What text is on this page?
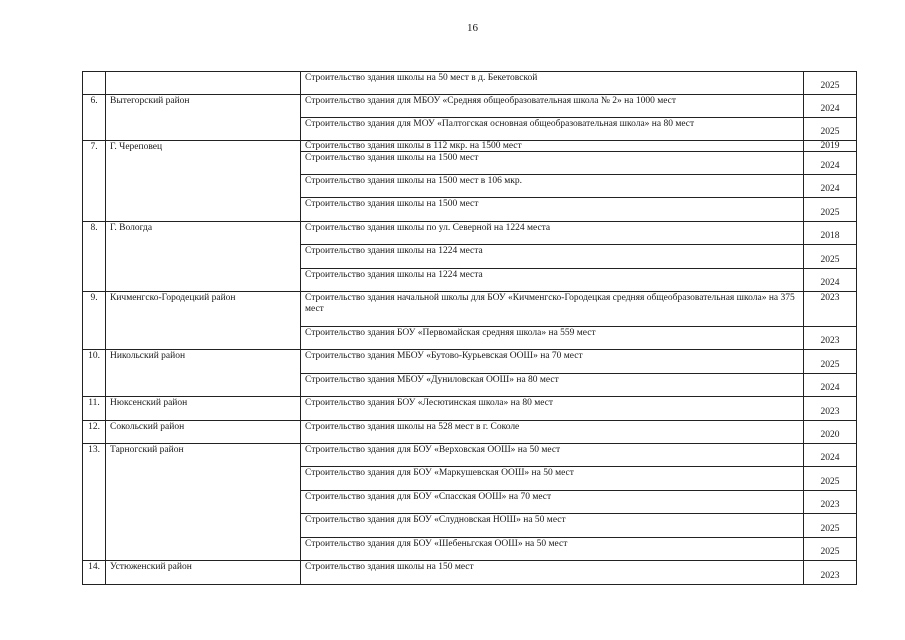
16
		Строительство здания школы на 50 мест в д. Бекетовской	2025
6.	Вытегорский район	Строительство здания для МБОУ «Средняя общеобразовательная школа № 2» на 1000 мест	2024
		Строительство здания для МОУ «Палтогская основная общеобразовательная школа» на 80 мест	2025
7.	Г. Череповец	Строительство здания школы в 112 мкр. на 1500 мест	2019
		Строительство здания школы на 1500 мест	2024
		Строительство здания школы на 1500 мест в 106 мкр.	2024
		Строительство здания школы на 1500 мест	2025
8.	Г. Вологда	Строительство здания школы по ул. Северной на 1224 места	2018
		Строительство здания школы на 1224 места	2025
		Строительство здания школы на 1224 места	2024
9.	Кичменгско-Городецкий район	Строительство здания начальной школы для БОУ «Кичменгско-Городецкая средняя общеобразовательная школа» на 375 мест	2023
		Строительство здания БОУ «Первомайская средняя школа» на 559 мест	2023
10.	Никольский район	Строительство здания МБОУ «Бутово-Курьевская ООШ» на 70 мест	2025
		Строительство здания МБОУ «Дуниловская ООШ» на 80 мест	2024
11.	Нюксенский район	Строительство здания БОУ «Лесютинская школа» на 80 мест	2023
12.	Сокольский район	Строительство здания школы на 528 мест в г. Соколе	2020
13.	Тарногский район	Строительство здания для БОУ «Верховская ООШ» на 50 мест	2024
		Строительство здания для БОУ «Маркушевская ООШ» на 50 мест	2025
		Строительство здания для БОУ «Спасская ООШ» на 70 мест	2023
		Строительство здания для БОУ «Слудновская НОШ» на 50 мест	2025
		Строительство здания для БОУ «Шебеньгская ООШ» на 50 мест	2025
14.	Устюженский район	Строительство здания школы на 150 мест	2023
